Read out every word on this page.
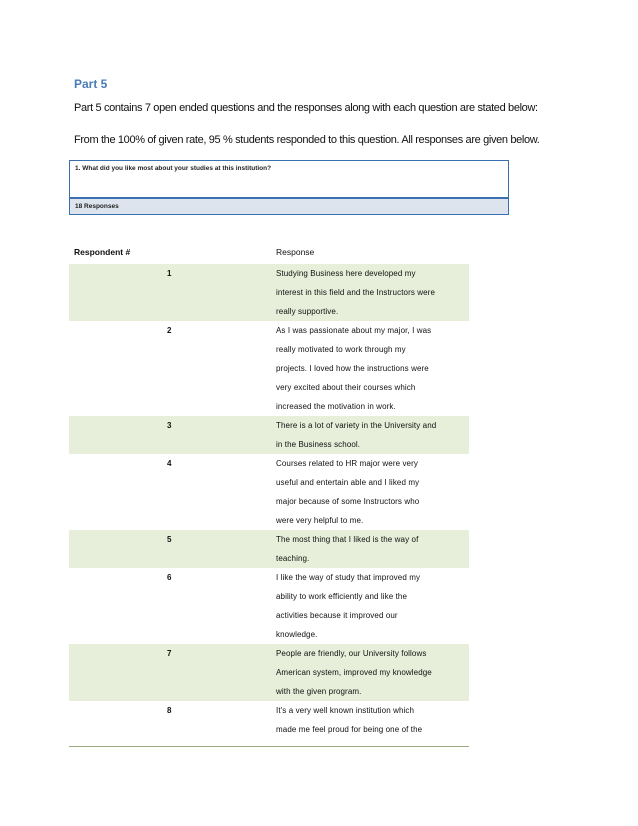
Part 5
Part 5 contains 7 open ended questions and the responses along with each question are stated below:
From the 100% of given rate, 95 % students responded to this question. All responses are given below.
1. What did you like most about your studies at this institution?
18 Responses
Respondent #	Response
1	Studying Business here developed my
interest in this field and the Instructors were
really supportive.
2	As I was passionate about my major, I was
really motivated to work through my
projects. I loved how the instructions were
very excited about their courses which
increased the motivation in work.
3	There is a lot of variety in the University and
in the Business school.
4	Courses related to HR major were very
useful and entertain able and I liked my
major because of some Instructors who
were very helpful to me.
5	The most thing that I liked is the way of
teaching.
6	I like the way of study that improved my
ability to work efficiently and like the
activities because it improved our
knowledge.
7	People are friendly, our University follows
American system, improved my knowledge
with the given program.
8	It's a very well known institution which
made me feel proud for being one of the
